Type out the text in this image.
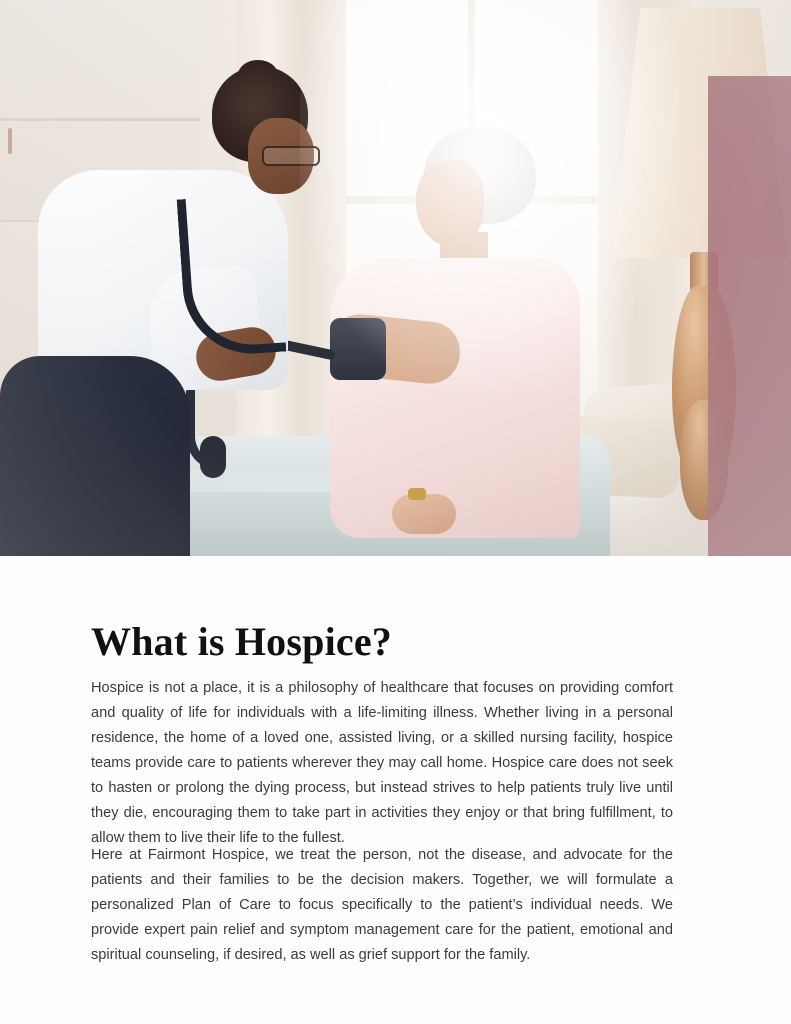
What is Hospice?

Hospice is not a place, it is a philosophy of healthcare that focuses on providing comfort and quality of life for individuals with a life-limiting illness. Whether living in a personal residence, the home of a loved one, assisted living, or a skilled nursing facility, hospice teams provide care to patients wherever they may call home. Hospice care does not seek to hasten or prolong the dying process, but instead strives to help patients truly live until they die, encouraging them to take part in activities they enjoy or that bring fulfillment, to allow them to live their life to the fullest.

Here at Fairmont Hospice, we treat the person, not the disease, and advocate for the patients and their families to be the decision makers. Together, we will formulate a personalized Plan of Care to focus specifically to the patient’s individual needs. We provide expert pain relief and symptom management care for the patient, emotional and spiritual counseling, if desired, as well as grief support for the family.
